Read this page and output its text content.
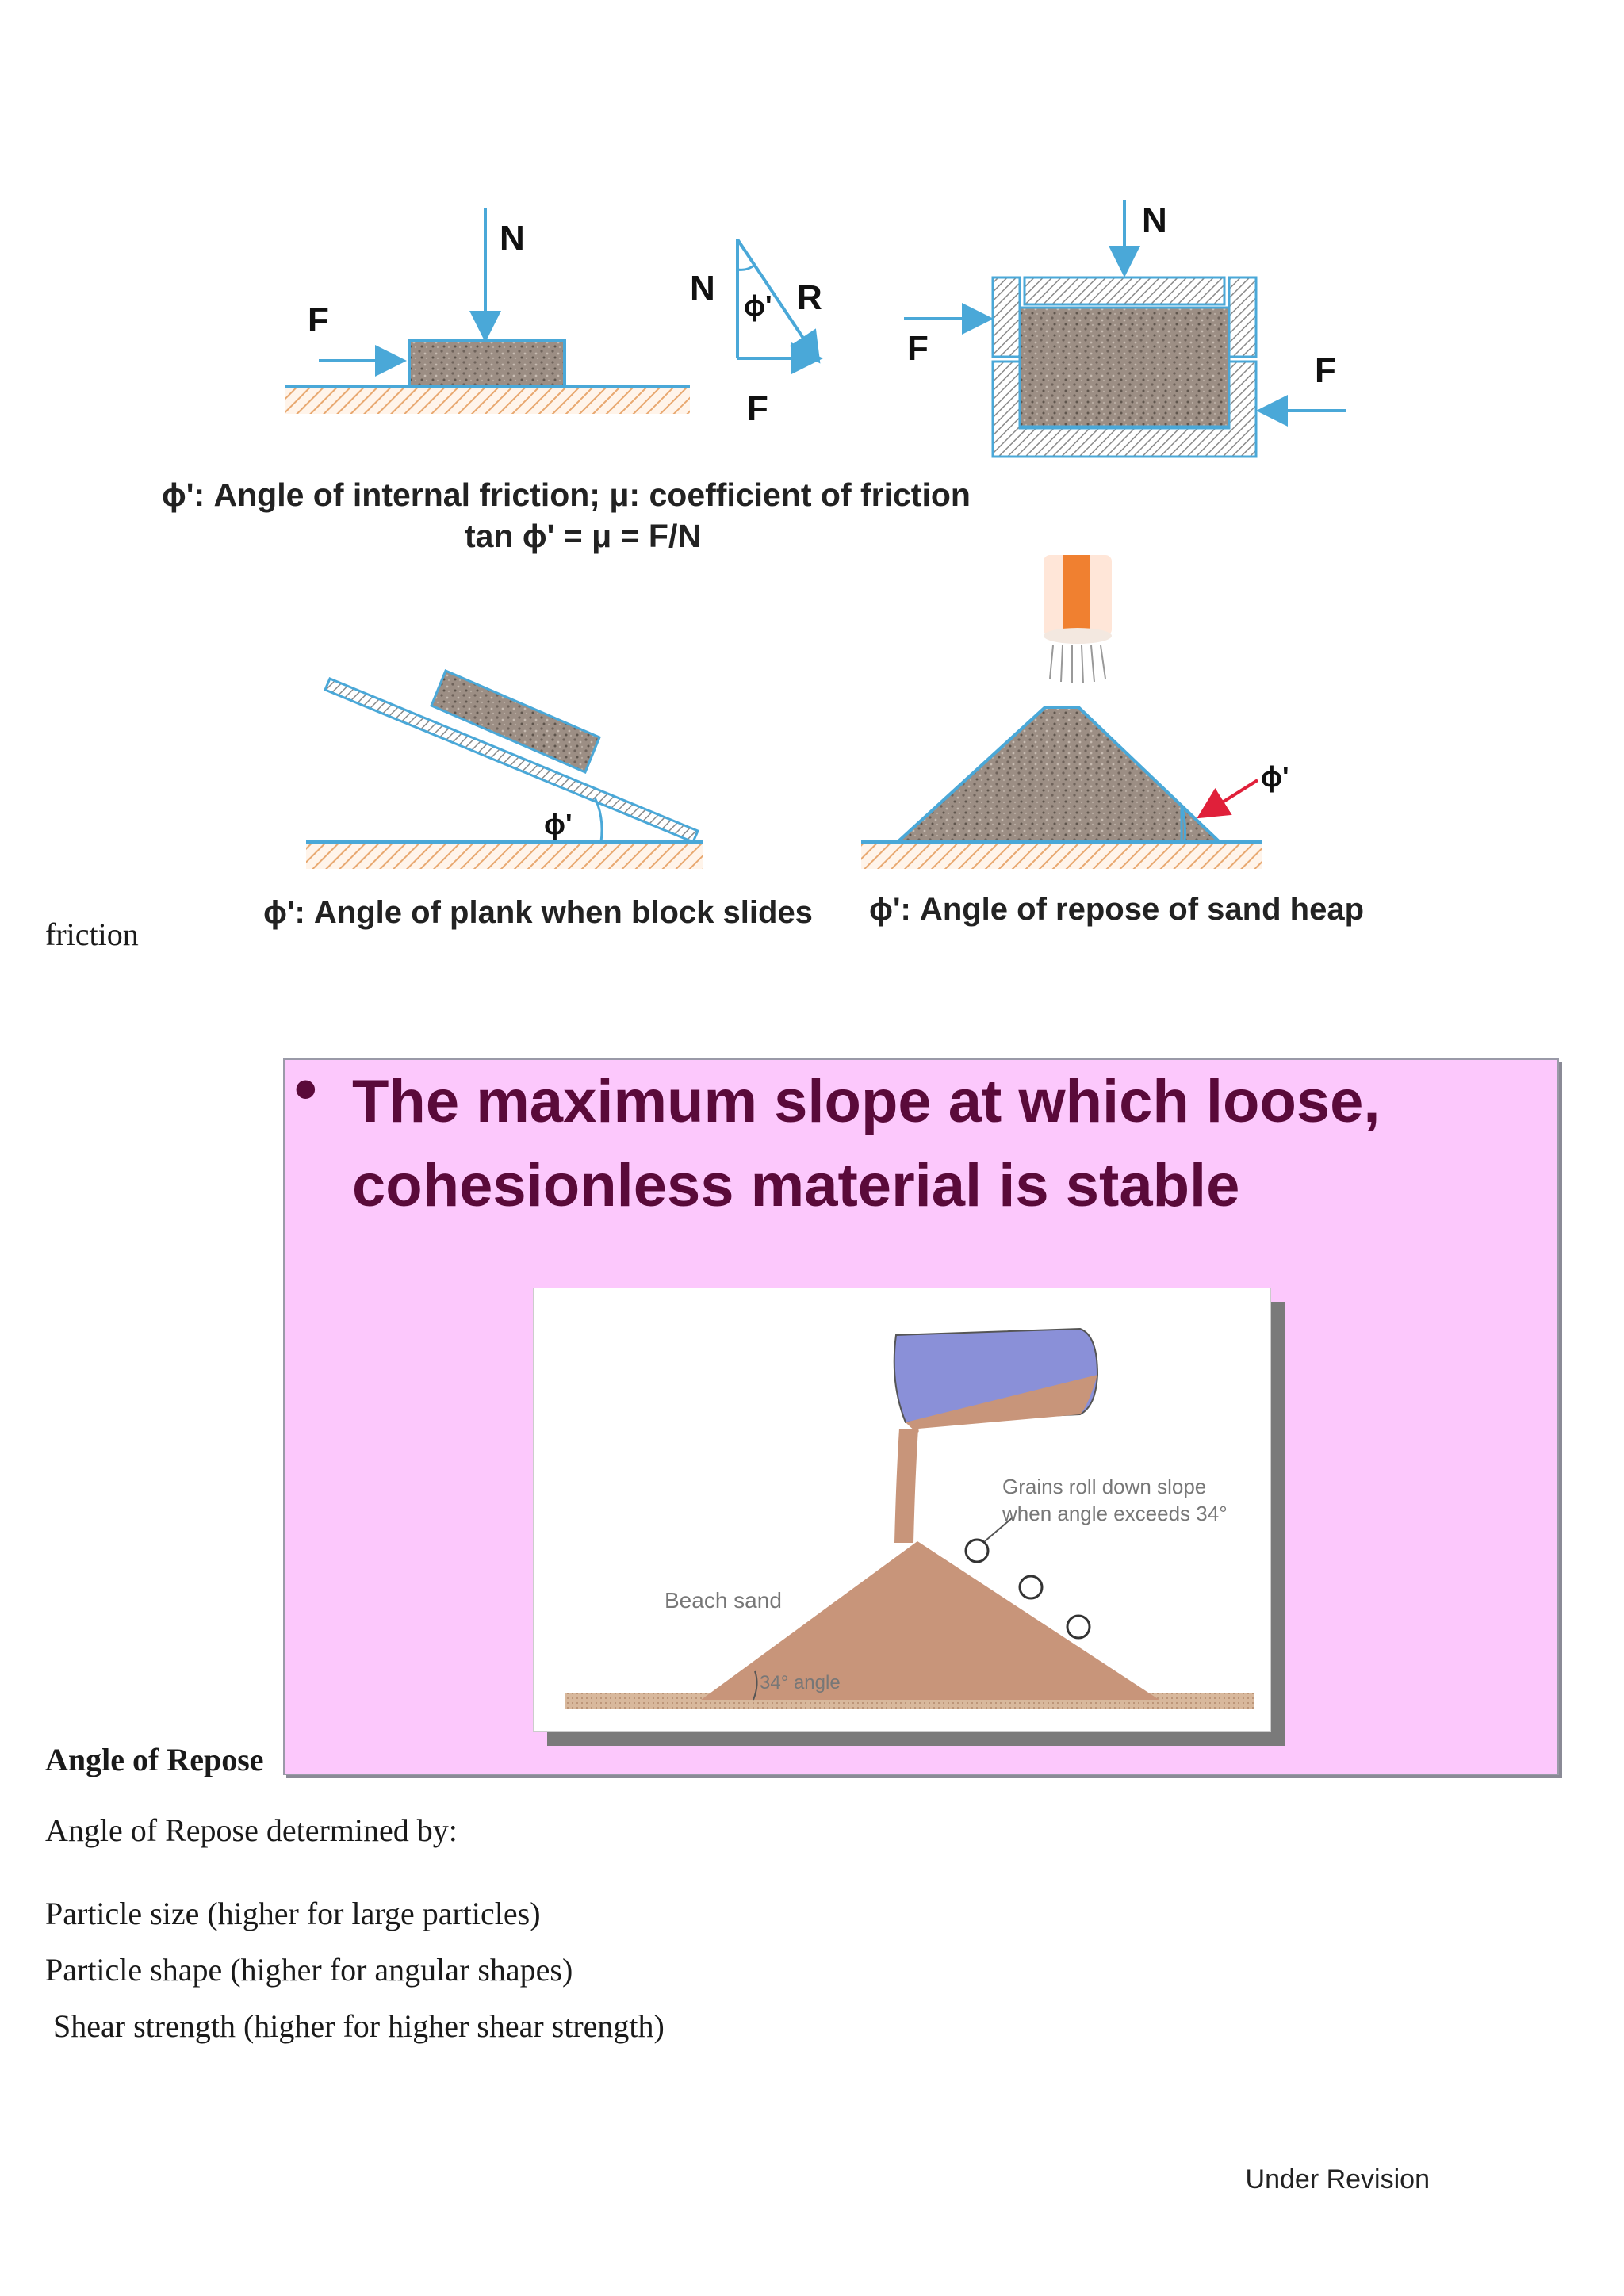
N
F
N ϕ' R
F
N
F
F
ϕ': Angle of internal friction; μ: coefficient of friction
tan ϕ' = μ = F/N
ϕ'
ϕ'
ϕ': Angle of plank when block slides ϕ': Angle of repose of sand heap
friction
• The maximum slope at which loose, cohesionless material is stable
Beach sand
34° angle
Grains roll down slope
when angle exceeds 34°
Angle of Repose
Angle of Repose determined by:
Particle size (higher for large particles)
Particle shape (higher for angular shapes)
Shear strength (higher for higher shear strength)
Under Revision
